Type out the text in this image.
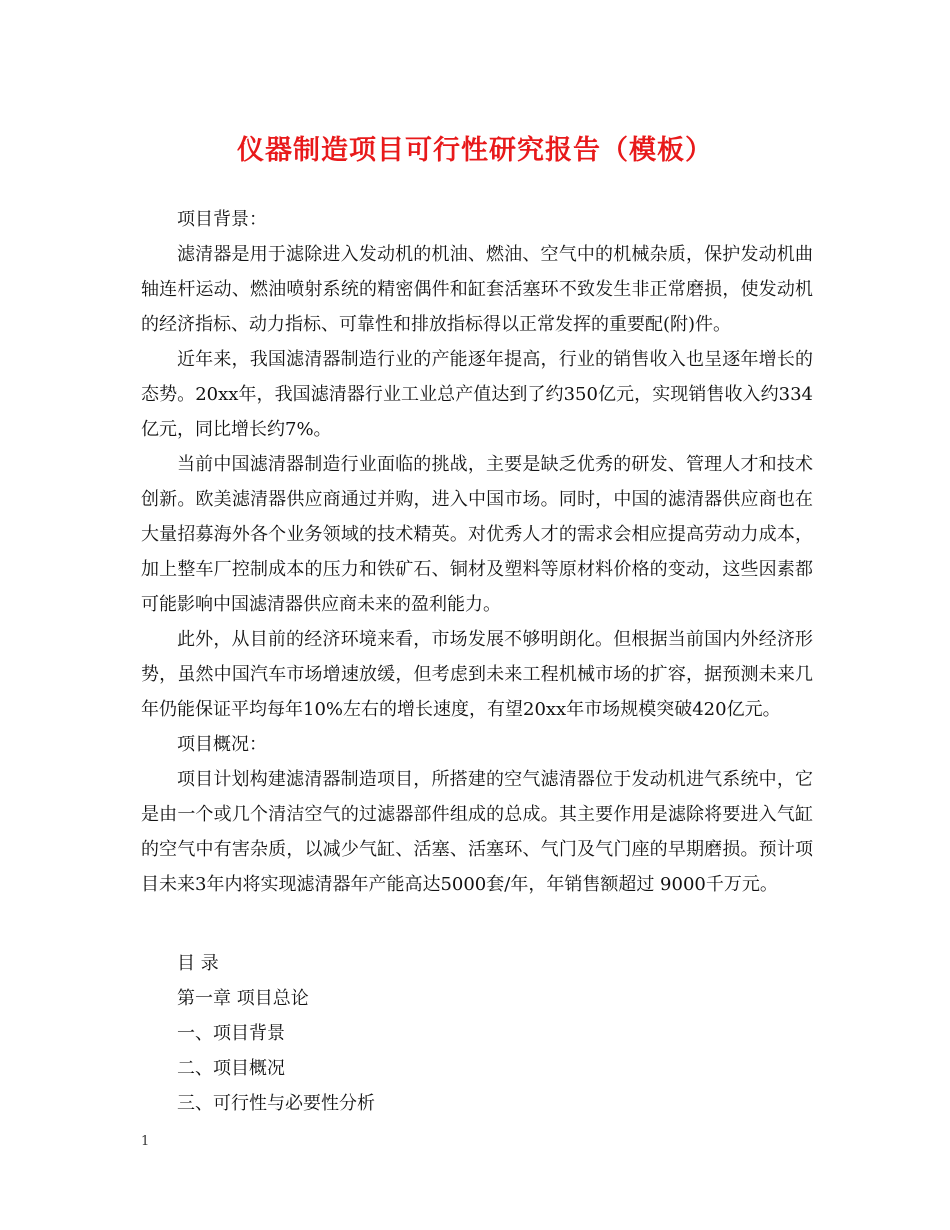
仪器制造项目可行性研究报告（模板）

项目背景：

滤清器是用于滤除进入发动机的机油、燃油、空气中的机械杂质，保护发动机曲轴连杆运动、燃油喷射系统的精密偶件和缸套活塞环不致发生非正常磨损，使发动机的经济指标、动力指标、可靠性和排放指标得以正常发挥的重要配(附)件。

近年来，我国滤清器制造行业的产能逐年提高，行业的销售收入也呈逐年增长的态势。20xx年，我国滤清器行业工业总产值达到了约350亿元，实现销售收入约334亿元，同比增长约7%。

当前中国滤清器制造行业面临的挑战，主要是缺乏优秀的研发、管理人才和技术创新。欧美滤清器供应商通过并购，进入中国市场。同时，中国的滤清器供应商也在大量招募海外各个业务领域的技术精英。对优秀人才的需求会相应提高劳动力成本，加上整车厂控制成本的压力和铁矿石、铜材及塑料等原材料价格的变动，这些因素都可能影响中国滤清器供应商未来的盈利能力。

此外，从目前的经济环境来看，市场发展不够明朗化。但根据当前国内外经济形势，虽然中国汽车市场增速放缓，但考虑到未来工程机械市场的扩容，据预测未来几年仍能保证平均每年10%左右的增长速度，有望20xx年市场规模突破420亿元。

项目概况：

项目计划构建滤清器制造项目，所搭建的空气滤清器位于发动机进气系统中，它是由一个或几个清洁空气的过滤器部件组成的总成。其主要作用是滤除将要进入气缸的空气中有害杂质，以减少气缸、活塞、活塞环、气门及气门座的早期磨损。预计项目未来3年内将实现滤清器年产能高达5000套/年，年销售额超过 9000千万元。

目 录
第一章 项目总论
一、项目背景
二、项目概况
三、可行性与必要性分析
1
